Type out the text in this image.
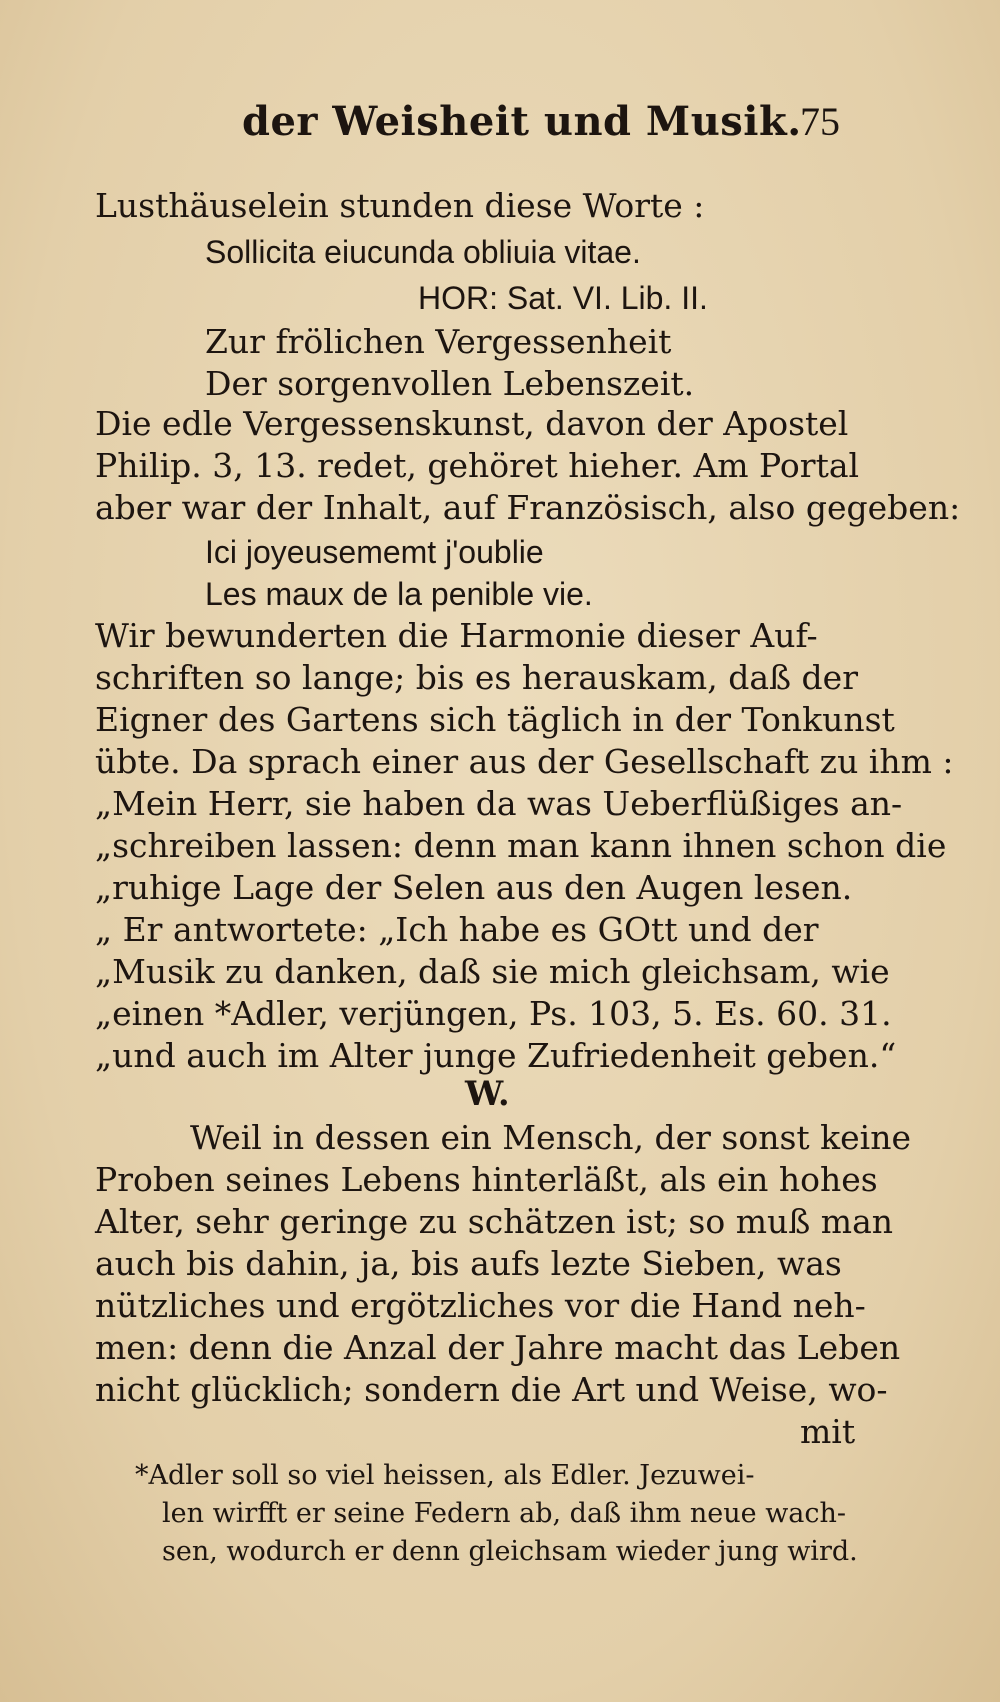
der Weisheit und Musik.
75
Lusthäuselein stunden diese Worte :
Sollicita eiucunda obliuia vitae.
HOR: Sat. VI. Lib. II.
Zur frölichen Vergessenheit
Der sorgenvollen Lebenszeit.
Die edle Vergessenskunst, davon der Apostel
Philip. 3, 13. redet, gehöret hieher. Am Portal
aber war der Inhalt, auf Französisch, also gegeben:
Ici joyeusememt j'oublie
Les maux de la penible vie.
Wir bewunderten die Harmonie dieser Auf-
schriften so lange; bis es herauskam, daß der
Eigner des Gartens sich täglich in der Tonkunst
übte. Da sprach einer aus der Gesellschaft zu ihm :
„Mein Herr, sie haben da was Ueberflüßiges an-
„schreiben lassen: denn man kann ihnen schon die
„ruhige Lage der Selen aus den Augen lesen.
„ Er antwortete: „Ich habe es GOtt und der
„Musik zu danken, daß sie mich gleichsam, wie
„einen *Adler, verjüngen, Ps. 103, 5. Es. 60. 31.
„und auch im Alter junge Zufriedenheit geben.“
W.
Weil in dessen ein Mensch, der sonst keine
Proben seines Lebens hinterläßt, als ein hohes
Alter, sehr geringe zu schätzen ist; so muß man
auch bis dahin, ja, bis aufs lezte Sieben, was
nützliches und ergötzliches vor die Hand neh-
men: denn die Anzal der Jahre macht das Leben
nicht glücklich; sondern die Art und Weise, wo-
mit
*Adler soll so viel heissen, als Edler. Jezuwei-
len wirfft er seine Federn ab, daß ihm neue wach-
sen, wodurch er denn gleichsam wieder jung wird.
